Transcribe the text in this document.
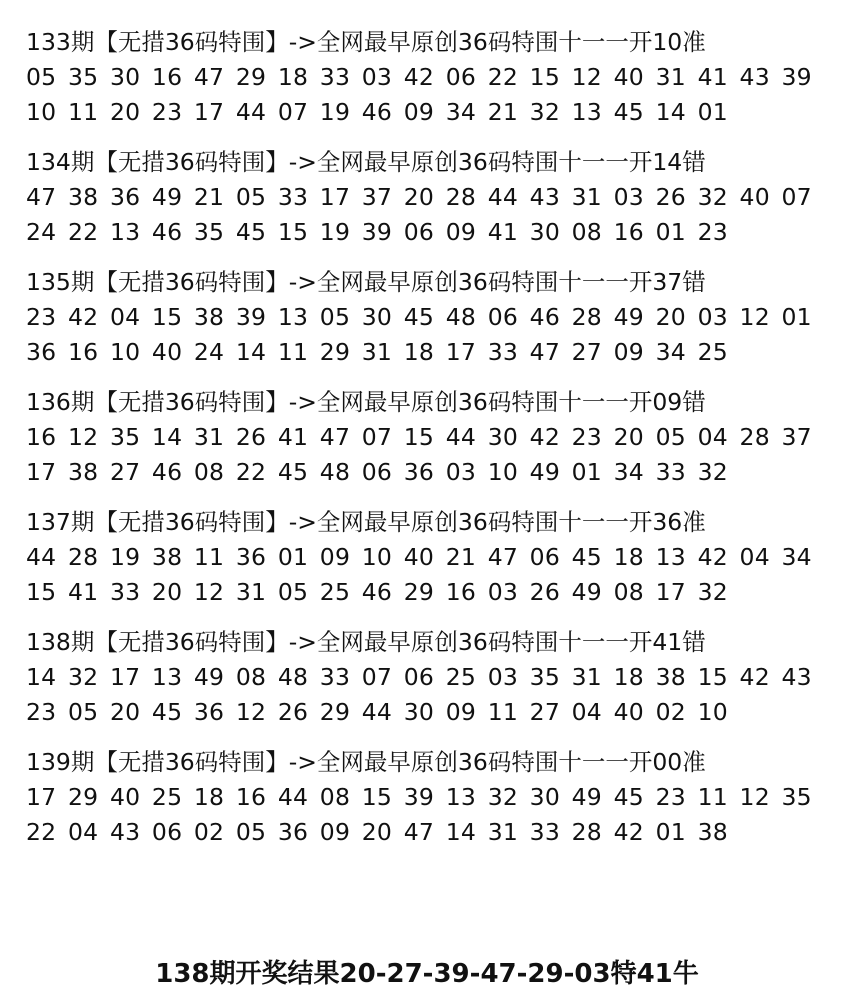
133期【无措36码特围】->全网最早原创36码特围十一一开10准
05 35 30 16 47 29 18 33 03 42 06 22 15 12 40 31 41 43 39
10 11 20 23 17 44 07 19 46 09 34 21 32 13 45 14 01
134期【无措36码特围】->全网最早原创36码特围十一一开14错
47 38 36 49 21 05 33 17 37 20 28 44 43 31 03 26 32 40 07
24 22 13 46 35 45 15 19 39 06 09 41 30 08 16 01 23
135期【无措36码特围】->全网最早原创36码特围十一一开37错
23 42 04 15 38 39 13 05 30 45 48 06 46 28 49 20 03 12 01
36 16 10 40 24 14 11 29 31 18 17 33 47 27 09 34 25
136期【无措36码特围】->全网最早原创36码特围十一一开09错
16 12 35 14 31 26 41 47 07 15 44 30 42 23 20 05 04 28 37
17 38 27 46 08 22 45 48 06 36 03 10 49 01 34 33 32
137期【无措36码特围】->全网最早原创36码特围十一一开36准
44 28 19 38 11 36 01 09 10 40 21 47 06 45 18 13 42 04 34
15 41 33 20 12 31 05 25 46 29 16 03 26 49 08 17 32
138期【无措36码特围】->全网最早原创36码特围十一一开41错
14 32 17 13 49 08 48 33 07 06 25 03 35 31 18 38 15 42 43
23 05 20 45 36 12 26 29 44 30 09 11 27 04 40 02 10
139期【无措36码特围】->全网最早原创36码特围十一一开00准
17 29 40 25 18 16 44 08 15 39 13 32 30 49 45 23 11 12 35
22 04 43 06 02 05 36 09 20 47 14 31 33 28 42 01 38
138期开奖结果20-27-39-47-29-03特41牛
